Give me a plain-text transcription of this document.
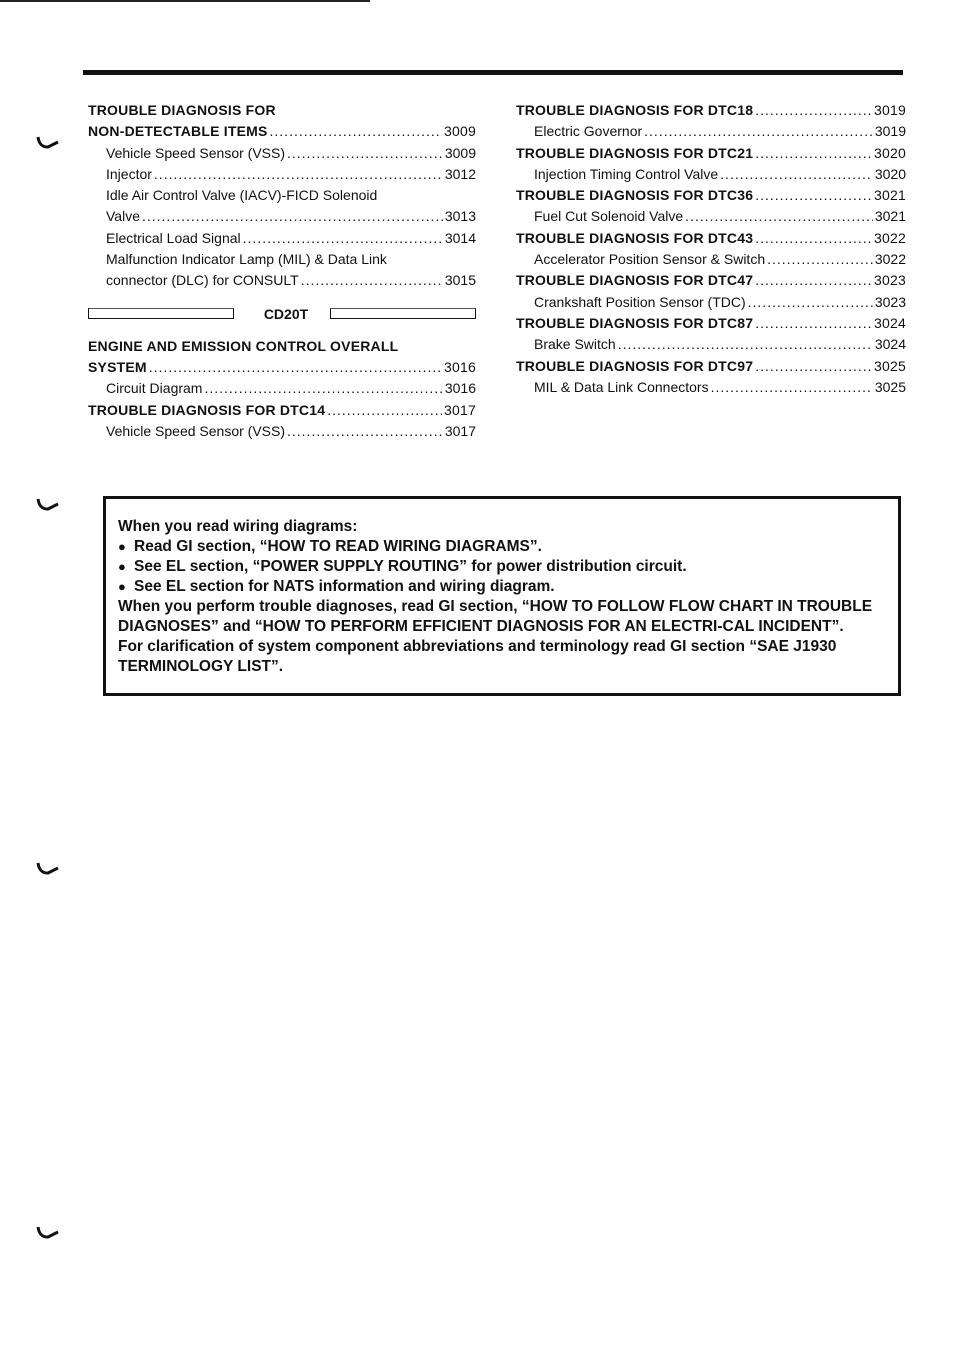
TROUBLE DIAGNOSIS FOR
NON-DETECTABLE ITEMS .....	3009
Vehicle Speed Sensor (VSS) .....	3009
Injector .....	3012
Idle Air Control Valve (IACV)-FICD Solenoid
Valve .....	3013
Electrical Load Signal .....	3014
Malfunction Indicator Lamp (MIL) & Data Link
connector (DLC) for CONSULT .....	3015
CD20T
ENGINE AND EMISSION CONTROL OVERALL
SYSTEM .....	3016
Circuit Diagram .....	3016
TROUBLE DIAGNOSIS FOR DTC14 .....	3017
Vehicle Speed Sensor (VSS) .....	3017
TROUBLE DIAGNOSIS FOR DTC18 .....	3019
Electric Governor .....	3019
TROUBLE DIAGNOSIS FOR DTC21 .....	3020
Injection Timing Control Valve .....	3020
TROUBLE DIAGNOSIS FOR DTC36 .....	3021
Fuel Cut Solenoid Valve .....	3021
TROUBLE DIAGNOSIS FOR DTC43 .....	3022
Accelerator Position Sensor & Switch .....	3022
TROUBLE DIAGNOSIS FOR DTC47 .....	3023
Crankshaft Position Sensor (TDC) .....	3023
TROUBLE DIAGNOSIS FOR DTC87 .....	3024
Brake Switch .....	3024
TROUBLE DIAGNOSIS FOR DTC97 .....	3025
MIL & Data Link Connectors .....	3025
When you read wiring diagrams:
● Read GI section, “HOW TO READ WIRING DIAGRAMS”.
● See EL section, “POWER SUPPLY ROUTING” for power distribution circuit.
● See EL section for NATS information and wiring diagram.
When you perform trouble diagnoses, read GI section, “HOW TO FOLLOW FLOW CHART IN TROUBLE DIAGNOSES” and “HOW TO PERFORM EFFICIENT DIAGNOSIS FOR AN ELECTRI-CAL INCIDENT”.
For clarification of system component abbreviations and terminology read GI section “SAE J1930 TERMINOLOGY LIST”.
